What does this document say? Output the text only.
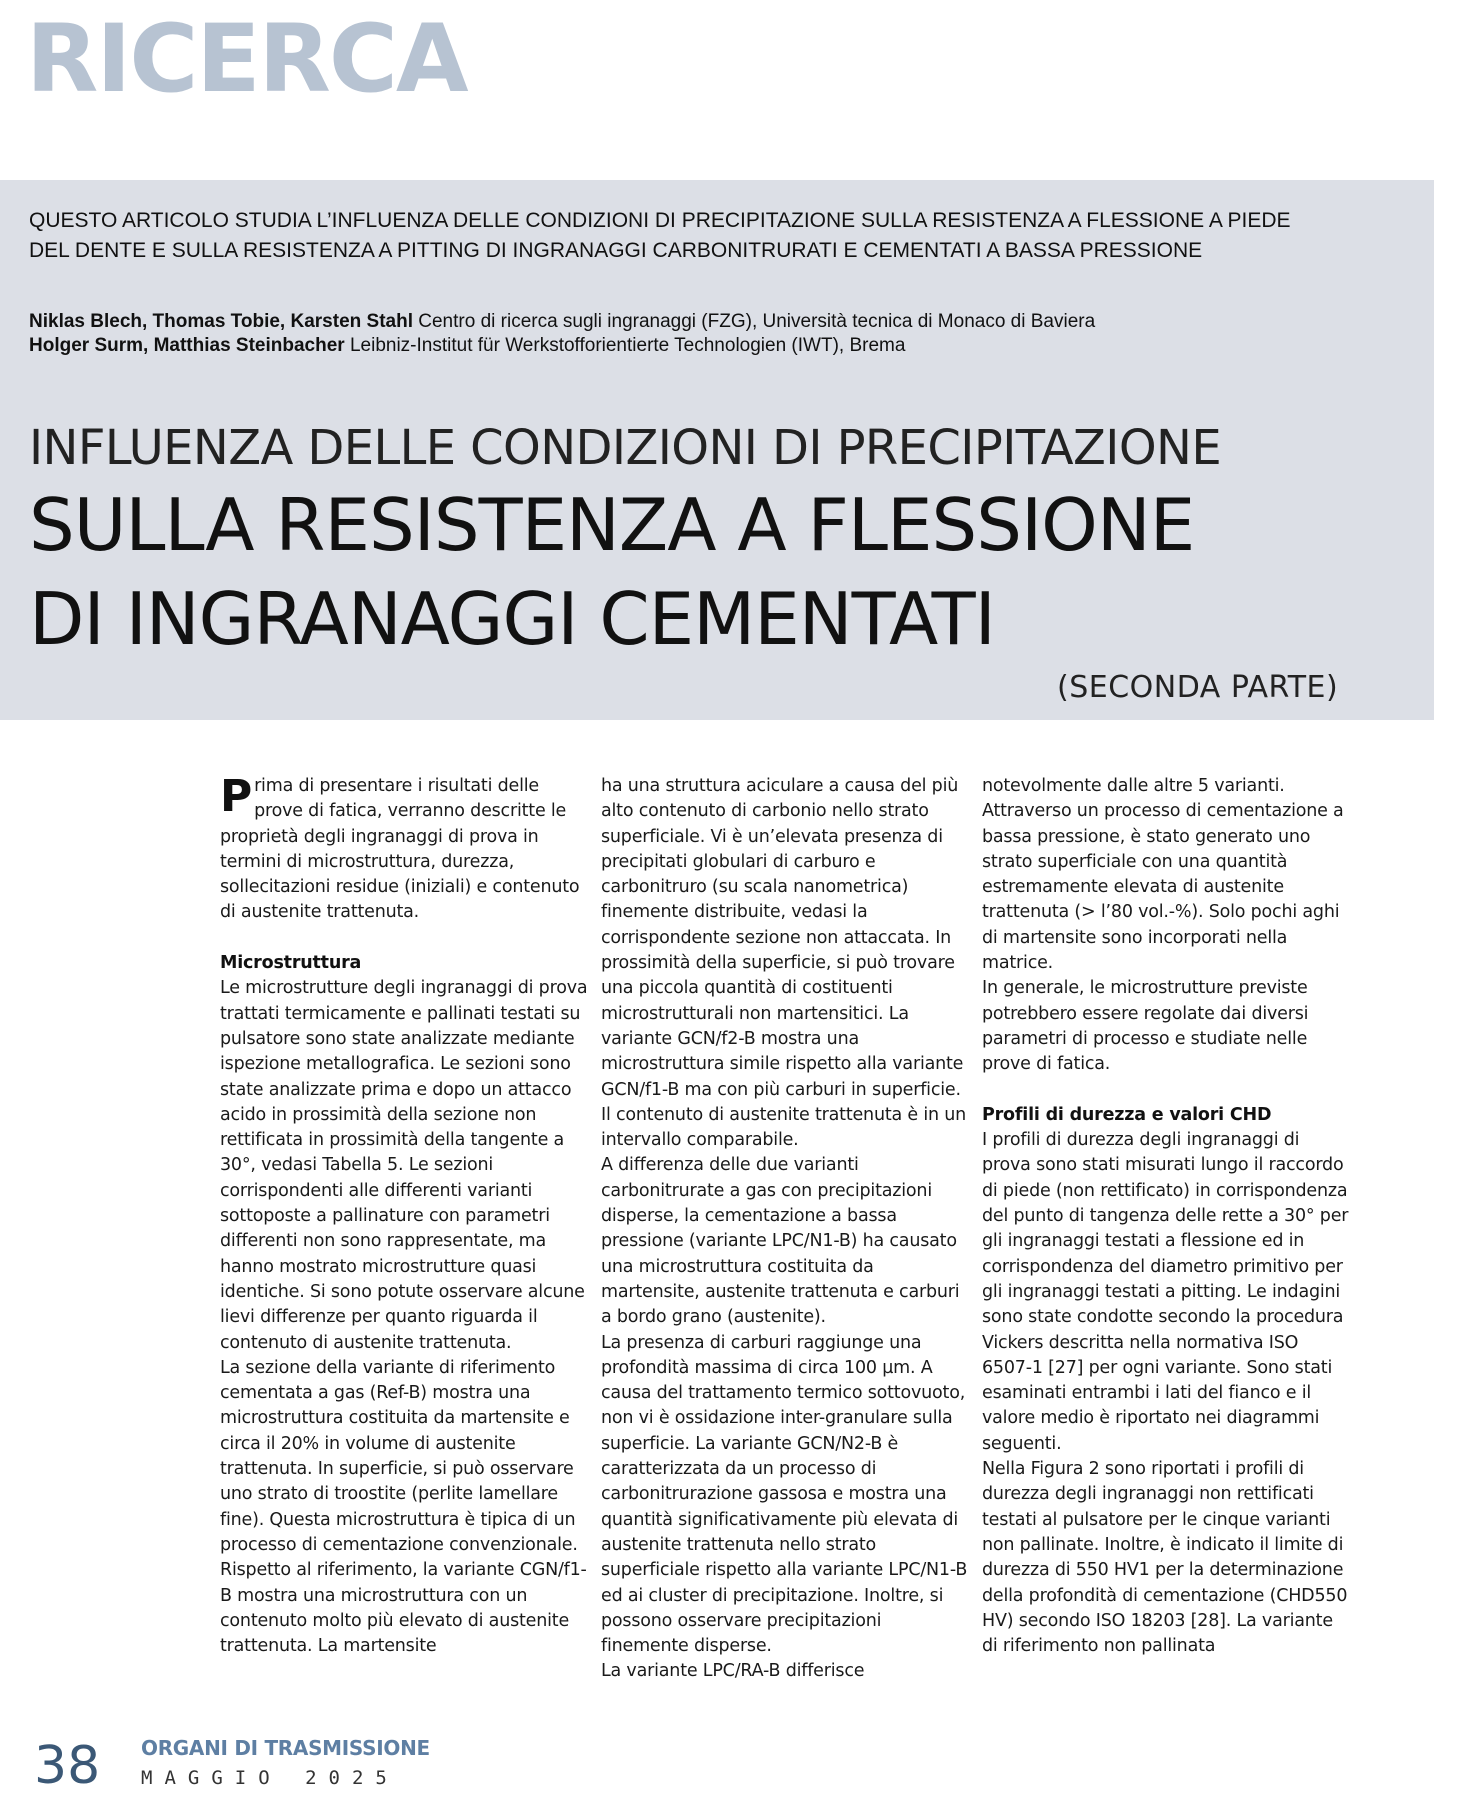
RICERCA

QUESTO ARTICOLO STUDIA L’INFLUENZA DELLE CONDIZIONI DI PRECIPITAZIONE SULLA RESISTENZA A FLESSIONE A PIEDE DEL DENTE E SULLA RESISTENZA A PITTING DI INGRANAGGI CARBONITRURATI E CEMENTATI A BASSA PRESSIONE

Niklas Blech, Thomas Tobie, Karsten Stahl Centro di ricerca sugli ingranaggi (FZG), Università tecnica di Monaco di Baviera
Holger Surm, Matthias Steinbacher Leibniz-Institut für Werkstofforientierte Technologien (IWT), Brema
INFLUENZA DELLE CONDIZIONI DI PRECIPITAZIONE
SULLA RESISTENZA A FLESSIONE
DI INGRANAGGI CEMENTATI
(SECONDA PARTE)

Prima di presentare i risultati delle prove di fatica, verranno descritte le proprietà degli ingranaggi di prova in termini di microstruttura, durezza, sollecitazioni residue (iniziali) e contenuto di austenite trattenuta.

Microstruttura

Le microstrutture degli ingranaggi di prova trattati termicamente e pallinati testati su pulsatore sono state analizzate mediante ispezione metallografica. Le sezioni sono state analizzate prima e dopo un attacco acido in prossimità della sezione non rettificata in prossimità della tangente a 30°, vedasi Tabella 5. Le sezioni corrispondenti alle differenti varianti sottoposte a pallinature con parametri differenti non sono rappresentate, ma hanno mostrato microstrutture quasi identiche. Si sono potute osservare alcune lievi differenze per quanto riguarda il contenuto di austenite trattenuta.

La sezione della variante di riferimento cementata a gas (Ref-B) mostra una microstruttura costituita da martensite e circa il 20% in volume di austenite trattenuta. In superficie, si può osservare uno strato di troostite (perlite lamellare fine). Questa microstruttura è tipica di un processo di cementazione convenzionale.

Rispetto al riferimento, la variante CGN/f1-B mostra una microstruttura con un contenuto molto più elevato di austenite trattenuta. La martensite

ha una struttura aciculare a causa del più alto contenuto di carbonio nello strato superficiale. Vi è un’elevata presenza di precipitati globulari di carburo e carbonitruro (su scala nanometrica) finemente distribuite, vedasi la corrispondente sezione non attaccata. In prossimità della superficie, si può trovare una piccola quantità di costituenti microstrutturali non martensitici. La variante GCN/f2-B mostra una microstruttura simile rispetto alla variante GCN/f1-B ma con più carburi in superficie. Il contenuto di austenite trattenuta è in un intervallo comparabile.

A differenza delle due varianti carbonitrurate a gas con precipitazioni disperse, la cementazione a bassa pressione (variante LPC/N1-B) ha causato una microstruttura costituita da martensite, austenite trattenuta e carburi a bordo grano (austenite).

La presenza di carburi raggiunge una profondità massima di circa 100 µm. A causa del trattamento termico sottovuoto, non vi è ossidazione inter-granulare sulla superficie. La variante GCN/N2-B è caratterizzata da un processo di carbonitrurazione gassosa e mostra una quantità significativamente più elevata di austenite trattenuta nello strato superficiale rispetto alla variante LPC/N1-B ed ai cluster di precipitazione. Inoltre, si possono osservare precipitazioni finemente disperse.

La variante LPC/RA-B differisce

notevolmente dalle altre 5 varianti. Attraverso un processo di cementazione a bassa pressione, è stato generato uno strato superficiale con una quantità estremamente elevata di austenite trattenuta (> l’80 vol.-%). Solo pochi aghi di martensite sono incorporati nella matrice.

In generale, le microstrutture previste potrebbero essere regolate dai diversi parametri di processo e studiate nelle prove di fatica.

Profili di durezza e valori CHD

I profili di durezza degli ingranaggi di prova sono stati misurati lungo il raccordo di piede (non rettificato) in corrispondenza del punto di tangenza delle rette a 30° per gli ingranaggi testati a flessione ed in corrispondenza del diametro primitivo per gli ingranaggi testati a pitting. Le indagini sono state condotte secondo la procedura Vickers descritta nella normativa ISO 6507-1 [27] per ogni variante. Sono stati esaminati entrambi i lati del fianco e il valore medio è riportato nei diagrammi seguenti.

Nella Figura 2 sono riportati i profili di durezza degli ingranaggi non rettificati testati al pulsatore per le cinque varianti non pallinate. Inoltre, è indicato il limite di durezza di 550 HV1 per la determinazione della profondità di cementazione (CHD550 HV) secondo ISO 18203 [28]. La variante di riferimento non pallinata

38 ORGANI DI TRASMISSIONE
MAGGIO 2025
